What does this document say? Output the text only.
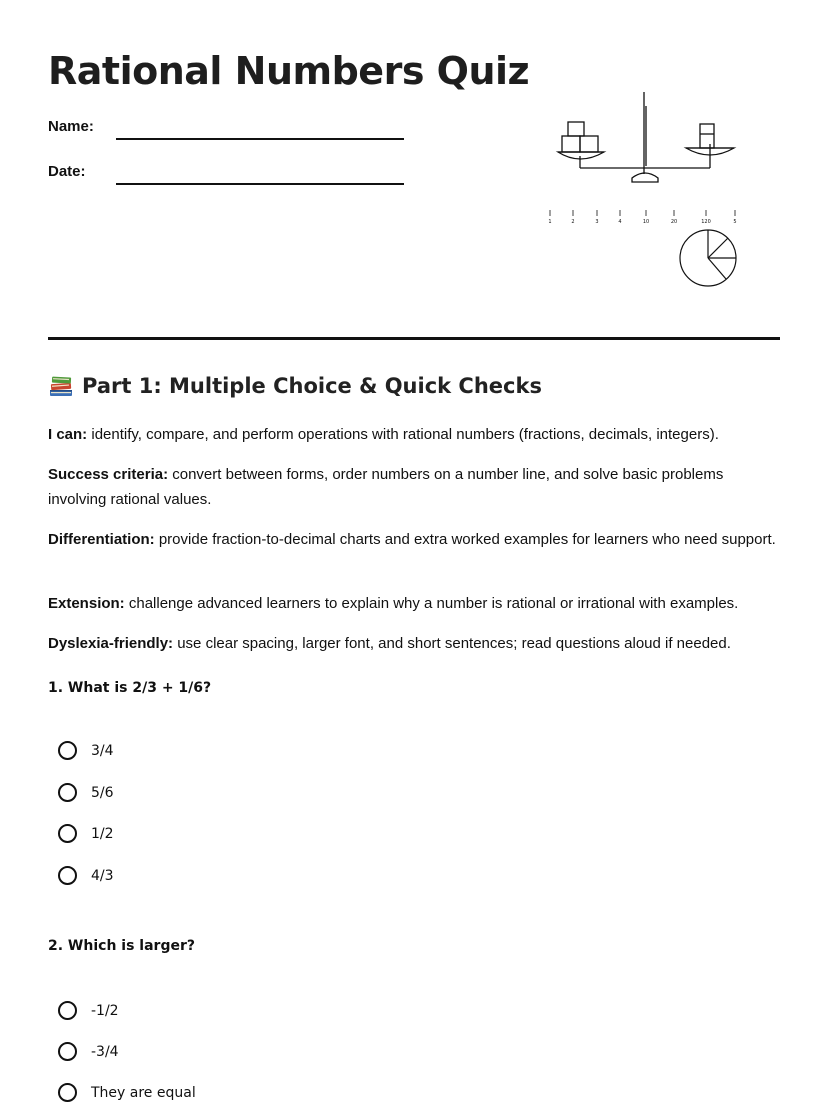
Rational Numbers Quiz
Name:
Date:
1	2	3	4	10	20	120	5
Part 1: Multiple Choice & Quick Checks

I can: identify, compare, and perform operations with rational numbers (fractions, decimals, integers).

Success criteria: convert between forms, order numbers on a number line, and solve basic problems involving rational values.

Differentiation: provide fraction-to-decimal charts and extra worked examples for learners who need support.

Extension: challenge advanced learners to explain why a number is rational or irrational with examples.

Dyslexia-friendly: use clear spacing, larger font, and short sentences; read questions aloud if needed.

1. What is 2/3 + 1/6?

3/4
5/6
1/2
4/3

2. Which is larger?

-1/2
-3/4
They are equal
